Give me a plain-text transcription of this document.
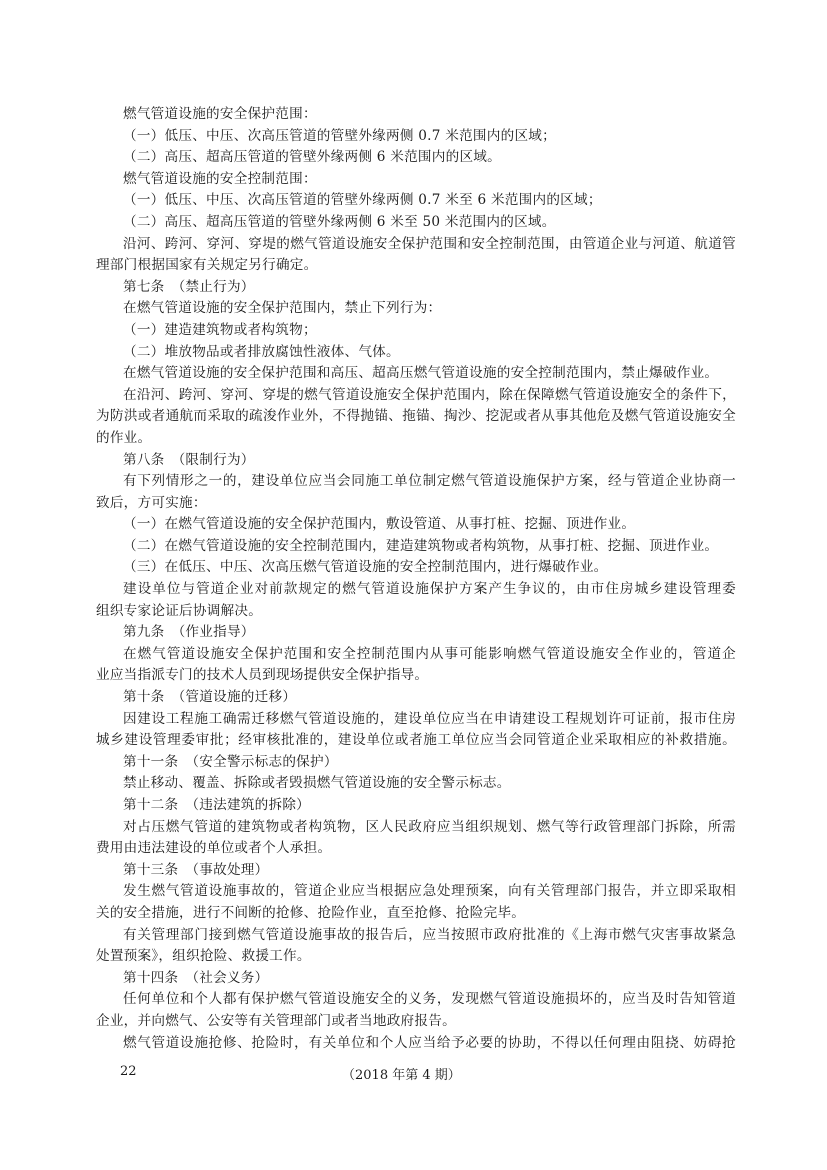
燃气管道设施的安全保护范围：
（一）低压、中压、次高压管道的管壁外缘两侧 0.7 米范围内的区域；
（二）高压、超高压管道的管壁外缘两侧 6 米范围内的区域。
燃气管道设施的安全控制范围：
（一）低压、中压、次高压管道的管壁外缘两侧 0.7 米至 6 米范围内的区域；
（二）高压、超高压管道的管壁外缘两侧 6 米至 50 米范围内的区域。
沿河、跨河、穿河、穿堤的燃气管道设施安全保护范围和安全控制范围，由管道企业与河道、航道管
理部门根据国家有关规定另行确定。
第七条　（禁止行为）
在燃气管道设施的安全保护范围内，禁止下列行为：
（一）建造建筑物或者构筑物；
（二）堆放物品或者排放腐蚀性液体、气体。
在燃气管道设施的安全保护范围和高压、超高压燃气管道设施的安全控制范围内，禁止爆破作业。
在沿河、跨河、穿河、穿堤的燃气管道设施安全保护范围内，除在保障燃气管道设施安全的条件下，
为防洪或者通航而采取的疏浚作业外，不得抛锚、拖锚、掏沙、挖泥或者从事其他危及燃气管道设施安全
的作业。
第八条　（限制行为）
有下列情形之一的，建设单位应当会同施工单位制定燃气管道设施保护方案，经与管道企业协商一
致后，方可实施：
（一）在燃气管道设施的安全保护范围内，敷设管道、从事打桩、挖掘、顶进作业。
（二）在燃气管道设施的安全控制范围内，建造建筑物或者构筑物，从事打桩、挖掘、顶进作业。
（三）在低压、中压、次高压燃气管道设施的安全控制范围内，进行爆破作业。
建设单位与管道企业对前款规定的燃气管道设施保护方案产生争议的，由市住房城乡建设管理委
组织专家论证后协调解决。
第九条　（作业指导）
在燃气管道设施安全保护范围和安全控制范围内从事可能影响燃气管道设施安全作业的，管道企
业应当指派专门的技术人员到现场提供安全保护指导。
第十条　（管道设施的迁移）
因建设工程施工确需迁移燃气管道设施的，建设单位应当在申请建设工程规划许可证前，报市住房
城乡建设管理委审批；经审核批准的，建设单位或者施工单位应当会同管道企业采取相应的补救措施。
第十一条　（安全警示标志的保护）
禁止移动、覆盖、拆除或者毁损燃气管道设施的安全警示标志。
第十二条　（违法建筑的拆除）
对占压燃气管道的建筑物或者构筑物，区人民政府应当组织规划、燃气等行政管理部门拆除，所需
费用由违法建设的单位或者个人承担。
第十三条　（事故处理）
发生燃气管道设施事故的，管道企业应当根据应急处理预案，向有关管理部门报告，并立即采取相
关的安全措施，进行不间断的抢修、抢险作业，直至抢修、抢险完毕。
有关管理部门接到燃气管道设施事故的报告后，应当按照市政府批准的《上海市燃气灾害事故紧急
处置预案》，组织抢险、救援工作。
第十四条　（社会义务）
任何单位和个人都有保护燃气管道设施安全的义务，发现燃气管道设施损坏的，应当及时告知管道
企业，并向燃气、公安等有关管理部门或者当地政府报告。
燃气管道设施抢修、抢险时，有关单位和个人应当给予必要的协助，不得以任何理由阻挠、妨碍抢
22	（2018 年第 4 期）
